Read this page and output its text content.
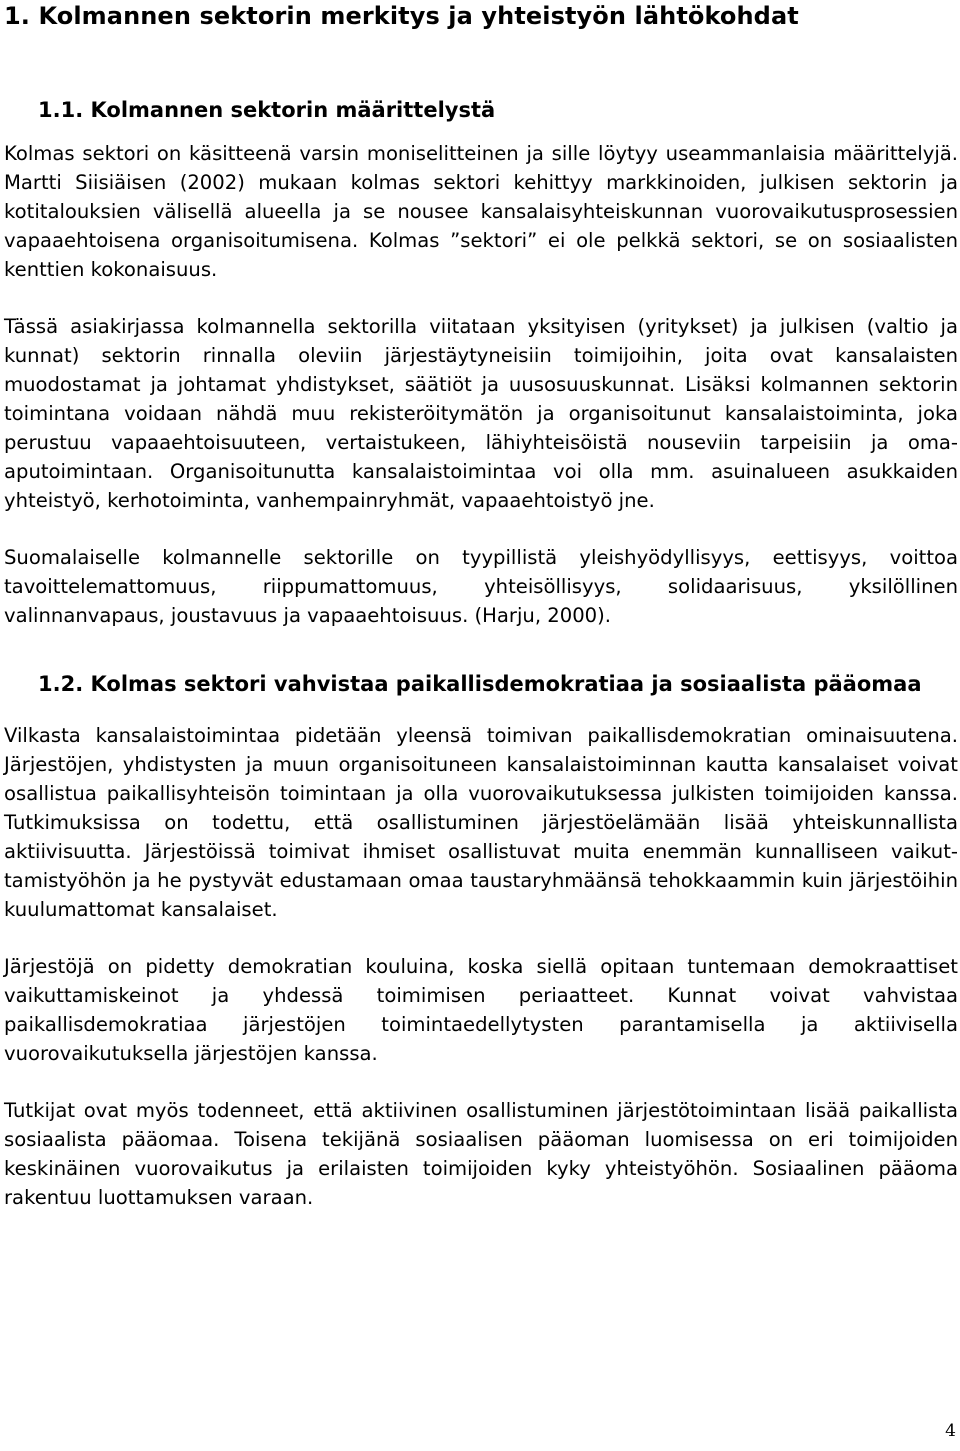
1. Kolmannen sektorin merkitys ja yhteistyön lähtökohdat
1.1. Kolmannen sektorin määrittelystä

Kolmas sektori on käsitteenä varsin moniselitteinen ja sille löytyy useammanlaisia määrittelyjä. Martti Siisiäisen (2002) mukaan kolmas sektori kehittyy markkinoiden, julkisen sektorin ja kotitalouksien välisellä alueella ja se nousee kansalaisyhteiskunnan vuorovaikutusprosessien vapaaehtoisena organisoitumisena. Kolmas ”sektori” ei ole pelkkä sektori, se on sosiaalisten kenttien kokonaisuus.

Tässä asiakirjassa kolmannella sektorilla viitataan yksityisen (yritykset) ja julkisen (valtio ja kunnat) sektorin rinnalla oleviin järjestäytyneisiin toimijoihin, joita ovat kansalaisten muodostamat ja johtamat yhdistykset, säätiöt ja uusosuuskunnat. Lisäksi kolmannen sektorin toimintana voidaan nähdä muu rekisteröitymätön ja organisoitunut kansalaistoiminta, joka perustuu vapaaehtoisuuteen, vertaistukeen, lähiyhteisöistä nouseviin tarpeisiin ja omaaputoimintaan. Organisoitunutta kansalaistoimintaa voi olla mm. asuinalueen asukkaiden yhteistyö, kerhotoiminta, vanhempainryhmät, vapaaehtoistyö jne.

Suomalaiselle kolmannelle sektorille on tyypillistä yleishyödyllisyys, eettisyys, voittoa tavoittelemattomuus, riippumattomuus, yhteisöllisyys, solidaarisuus, yksilöllinen valinnanvapaus, joustavuus ja vapaaehtoisuus. (Harju, 2000).

1.2. Kolmas sektori vahvistaa paikallisdemokratiaa ja sosiaalista pääomaa

Vilkasta kansalaistoimintaa pidetään yleensä toimivan paikallisdemokratian ominaisuutena. Järjestöjen, yhdistysten ja muun organisoituneen kansalaistoiminnan kautta kansalaiset voivat osallistua paikallisyhteisön toimintaan ja olla vuorovaikutuksessa julkisten toimijoiden kanssa. Tutkimuksissa on todettu, että osallistuminen järjestöelämään lisää yhteiskunnallista aktiivisuutta. Järjestöissä toimivat ihmiset osallistuvat muita enemmän kunnalliseen vaikuttamistyöhön ja he pystyvät edustamaan omaa taustaryhmäänsä tehokkaammin kuin järjestöihin kuulumattomat kansalaiset.

Järjestöjä on pidetty demokratian kouluina, koska siellä opitaan tuntemaan demokraattiset vaikuttamiskeinot ja yhdessä toimimisen periaatteet. Kunnat voivat vahvistaa paikallisdemokratiaa järjestöjen toimintaedellytysten parantamisella ja aktiivisella vuorovaikutuksella järjestöjen kanssa.

Tutkijat ovat myös todenneet, että aktiivinen osallistuminen järjestötoimintaan lisää paikallista sosiaalista pääomaa. Toisena tekijänä sosiaalisen pääoman luomisessa on eri toimijoiden keskinäinen vuorovaikutus ja erilaisten toimijoiden kyky yhteistyöhön. Sosiaalinen pääoma rakentuu luottamuksen varaan.

4
